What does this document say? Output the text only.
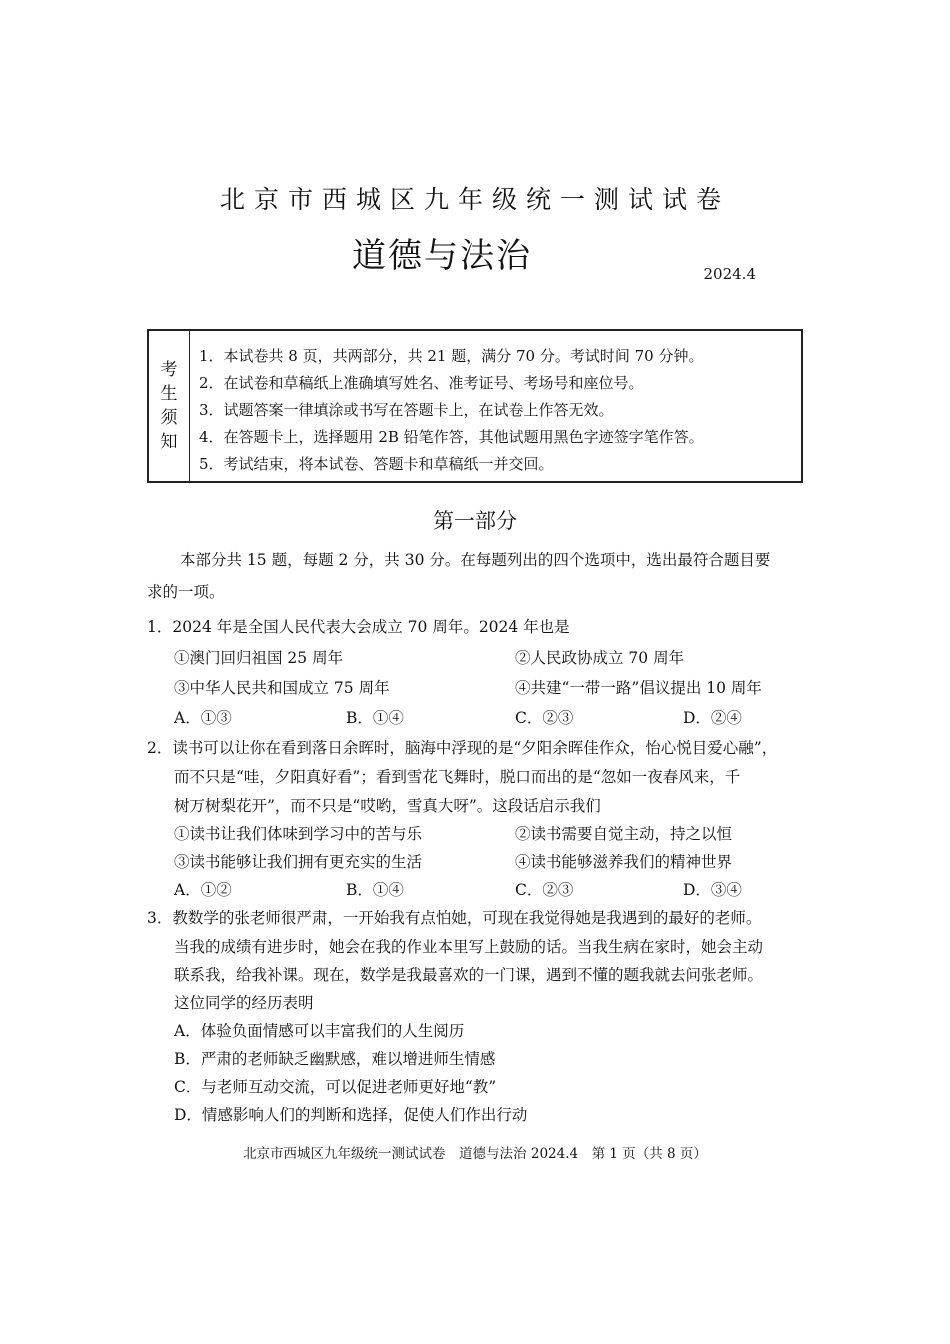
北京市西城区九年级统一测试试卷
道德与法治	2024.4
考
生
须
知
1．本试卷共 8 页，共两部分，共 21 题，满分 70 分。考试时间 70 分钟。
2．在试卷和草稿纸上准确填写姓名、准考证号、考场号和座位号。
3．试题答案一律填涂或书写在答题卡上，在试卷上作答无效。
4．在答题卡上，选择题用 2B 铅笔作答，其他试题用黑色字迹签字笔作答。
5．考试结束，将本试卷、答题卡和草稿纸一并交回。
第一部分
本部分共 15 题，每题 2 分，共 30 分。在每题列出的四个选项中，选出最符合题目要
求的一项。
1．2024 年是全国人民代表大会成立 70 周年。2024 年也是
①澳门回归祖国 25 周年	②人民政协成立 70 周年
③中华人民共和国成立 75 周年	④共建“一带一路”倡议提出 10 周年
A．①③	B．①④	C．②③	D．②④
2．读书可以让你在看到落日余晖时，脑海中浮现的是“夕阳余晖佳作众，怡心悦目爱心融”，
而不只是“哇，夕阳真好看”；看到雪花飞舞时，脱口而出的是“忽如一夜春风来，千
树万树梨花开”，而不只是“哎哟，雪真大呀”。这段话启示我们
①读书让我们体味到学习中的苦与乐	②读书需要自觉主动，持之以恒
③读书能够让我们拥有更充实的生活	④读书能够滋养我们的精神世界
A．①②	B．①④	C．②③	D．③④
3．教数学的张老师很严肃，一开始我有点怕她，可现在我觉得她是我遇到的最好的老师。
当我的成绩有进步时，她会在我的作业本里写上鼓励的话。当我生病在家时，她会主动
联系我，给我补课。现在，数学是我最喜欢的一门课，遇到不懂的题我就去问张老师。
这位同学的经历表明
A．体验负面情感可以丰富我们的人生阅历
B．严肃的老师缺乏幽默感，难以增进师生情感
C．与老师互动交流，可以促进老师更好地“教”
D．情感影响人们的判断和选择，促使人们作出行动
北京市西城区九年级统一测试试卷　道德与法治 2024.4　第 1 页（共 8 页）
